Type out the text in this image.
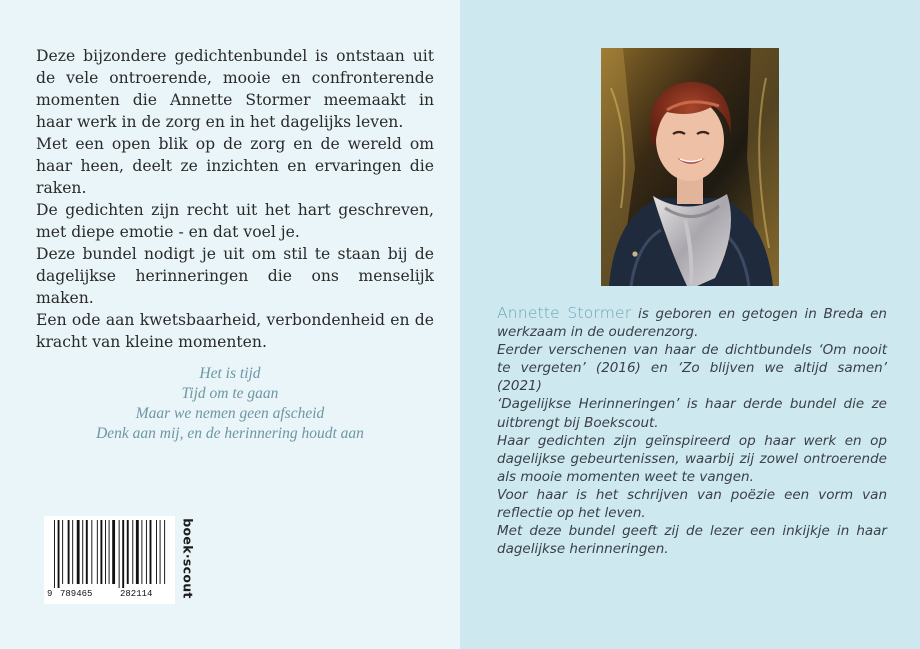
Deze bijzondere gedichtenbundel is ontstaan uit de vele ontroerende, mooie en confronterende momenten die Annette Stormer meemaakt in haar werk in de zorg en in het dagelijks leven.

Met een open blik op de zorg en de wereld om haar heen, deelt ze inzichten en ervaringen die raken.

De gedichten zijn recht uit het hart geschreven, met diepe emotie - en dat voel je.

Deze bundel nodigt je uit om stil te staan bij de dagelijkse herinneringen die ons menselijk maken.

Een ode aan kwetsbaarheid, verbondenheid en de kracht van kleine momenten.

Het is tijd
Tijd om te gaan
Maar we nemen geen afscheid
Denk aan mij, en de herinnering houdt aan
9 789465	282114 boek·scout

Annette Stormer is geboren en getogen in Breda en werkzaam in de ouderenzorg.

Eerder verschenen van haar de dichtbundels ‘Om nooit te vergeten’ (2016) en ‘Zo blijven we altijd samen’ (2021)

‘Dagelijkse Herinneringen’ is haar derde bundel die ze uitbrengt bij Boekscout.

Haar gedichten zijn geïnspireerd op haar werk en op dagelijkse gebeurtenissen, waarbij zij zowel ontroerende als mooie momenten weet te vangen.

Voor haar is het schrijven van poëzie een vorm van reflectie op het leven.

Met deze bundel geeft zij de lezer een inkijkje in haar dagelijkse herinneringen.
